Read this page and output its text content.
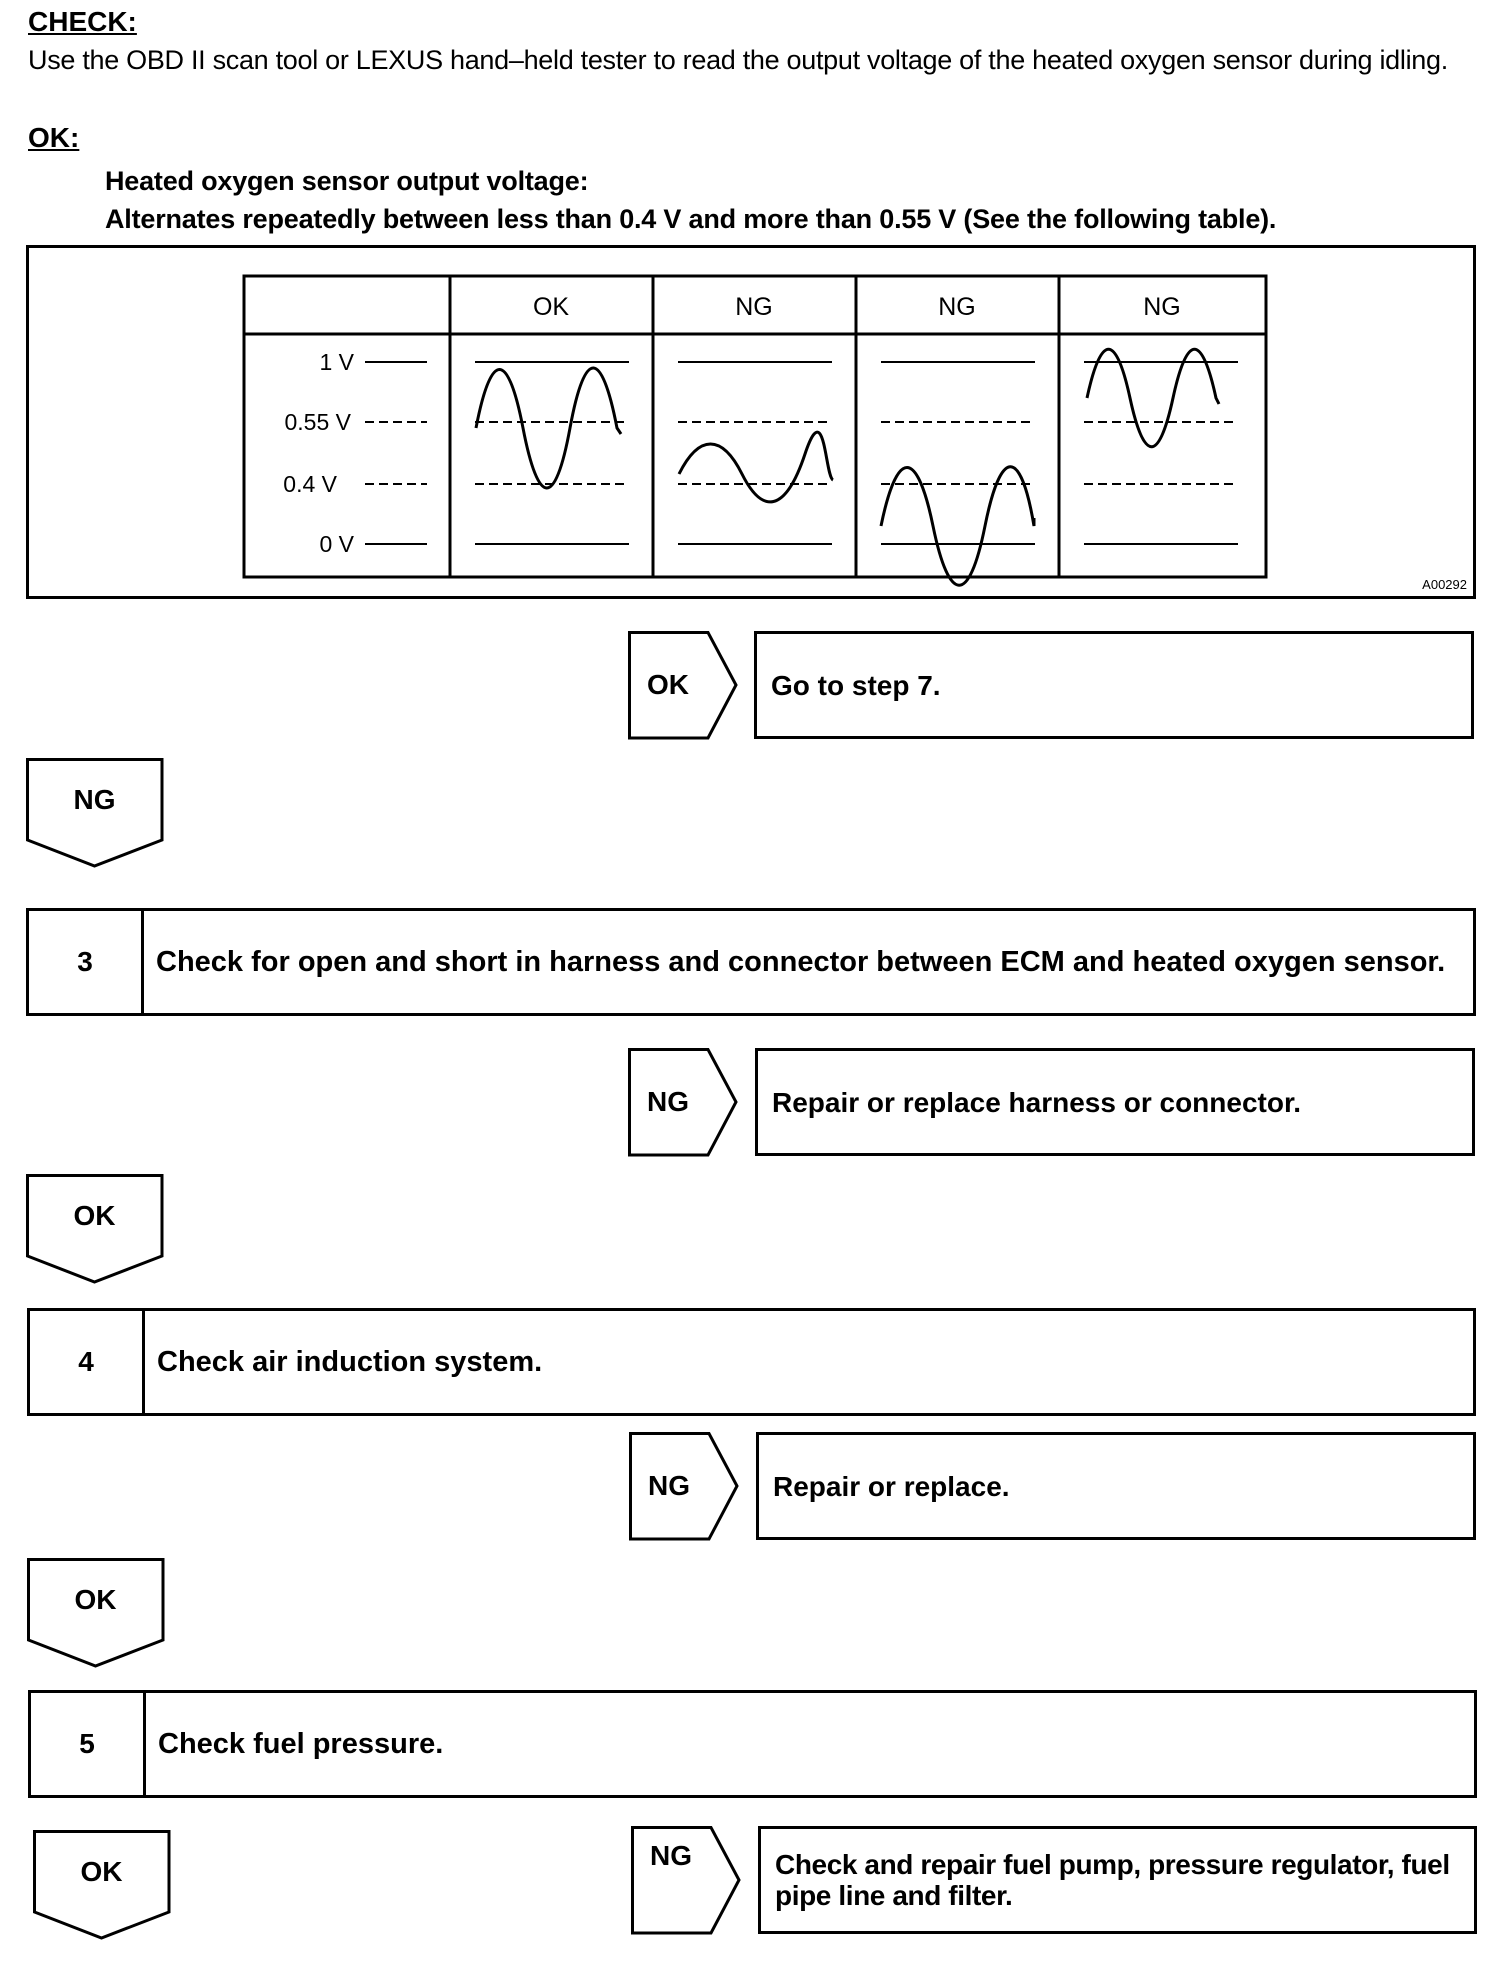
CHECK:
Use the OBD II scan tool or LEXUS hand–held tester to read the output voltage of the heated oxygen sensor during idling.
OK:
Heated oxygen sensor output voltage:
Alternates repeatedly between less than 0.4 V and more than 0.55 V (See the following table).
OK	NG	NG	NG
1 V
0.55 V
0.4 V
0 V
A00292
OK	Go to step 7.
NG
3	Check for open and short in harness and connector between ECM and heated oxygen sensor.
NG	Repair or replace harness or connector.
OK
4	Check air induction system.
NG	Repair or replace.
OK
5	Check fuel pressure.
OK
NG	Check and repair fuel pump, pressure regulator, fuel pipe line and filter.
